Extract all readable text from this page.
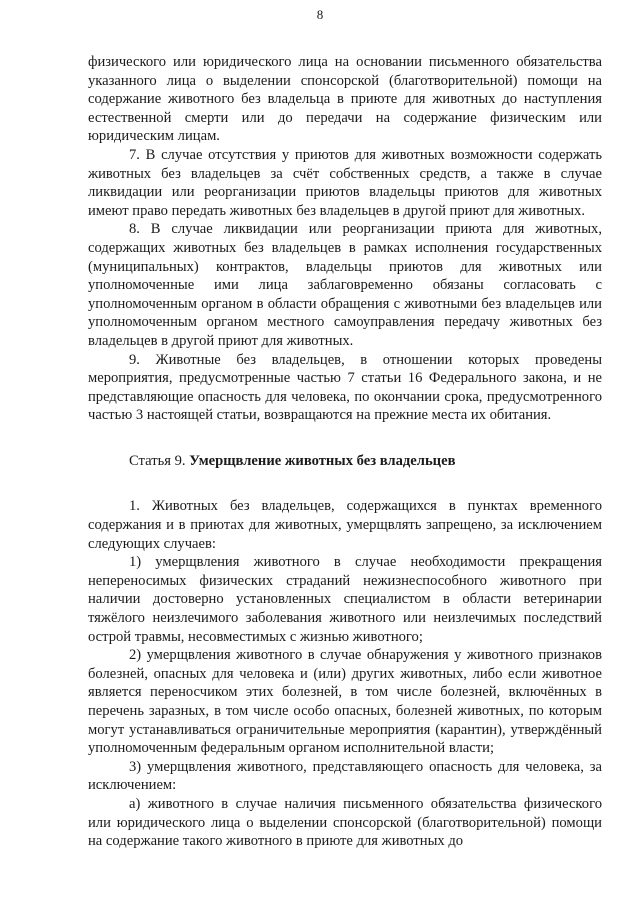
8

физического или юридического лица на основании письменного обязательства указанного лица о выделении спонсорской (благотворительной) помощи на содержание животного без владельца в приюте для животных до наступления естественной смерти или до передачи на содержание физическим или юридическим лицам.

7. В случае отсутствия у приютов для животных возможности содержать животных без владельцев за счёт собственных средств, а также в случае ликвидации или реорганизации приютов владельцы приютов для животных имеют право передать животных без владельцев в другой приют для животных.

8. В случае ликвидации или реорганизации приюта для животных, содержащих животных без владельцев в рамках исполнения государственных (муниципальных) контрактов, владельцы приютов для животных или уполномоченные ими лица заблаговременно обязаны согласовать с уполномоченным органом в области обращения с животными без владельцев или уполномоченным органом местного самоуправления передачу животных без владельцев в другой приют для животных.

9. Животные без владельцев, в отношении которых проведены мероприятия, предусмотренные частью 7 статьи 16 Федерального закона, и не представляющие опасность для человека, по окончании срока, предусмотренного частью 3 настоящей статьи, возвращаются на прежние места их обитания.

Статья 9. Умерщвление животных без владельцев

1. Животных без владельцев, содержащихся в пунктах временного содержания и в приютах для животных, умерщвлять запрещено, за исключением следующих случаев:

1) умерщвления животного в случае необходимости прекращения непереносимых физических страданий нежизнеспособного животного при наличии достоверно установленных специалистом в области ветеринарии тяжёлого неизлечимого заболевания животного или неизлечимых последствий острой травмы, несовместимых с жизнью животного;

2) умерщвления животного в случае обнаружения у животного признаков болезней, опасных для человека и (или) других животных, либо если животное является переносчиком этих болезней, в том числе болезней, включённых в перечень заразных, в том числе особо опасных, болезней животных, по которым могут устанавливаться ограничительные мероприятия (карантин), утверждённый уполномоченным федеральным органом исполнительной власти;

3) умерщвления животного, представляющего опасность для человека, за исключением:

а) животного в случае наличия письменного обязательства физического или юридического лица о выделении спонсорской (благотворительной) помощи на содержание такого животного в приюте для животных до
